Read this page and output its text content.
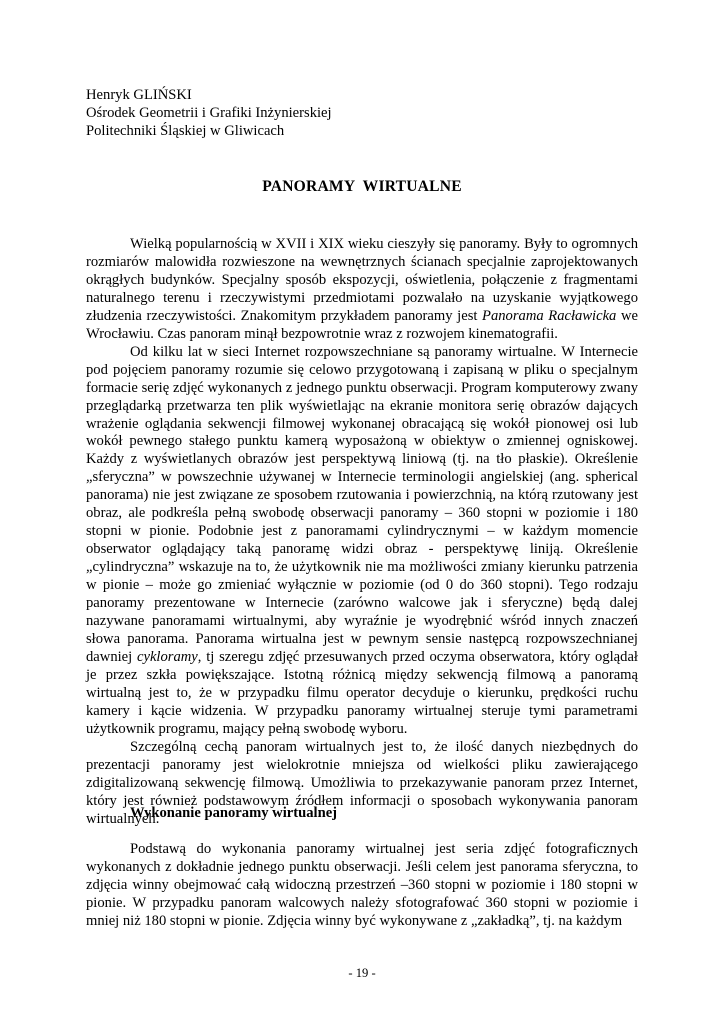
Henryk GLIŃSKI
Ośrodek Geometrii i Grafiki Inżynierskiej
Politechniki Śląskiej w Gliwicach
PANORAMY  WIRTUALNE

Wielką popularnością w XVII i XIX wieku cieszyły się panoramy. Były to ogromnych rozmiarów malowidła rozwieszone na wewnętrznych ścianach specjalnie zaprojektowanych okrągłych budynków. Specjalny sposób ekspozycji, oświetlenia, połączenie z fragmentami naturalnego terenu i rzeczywistymi przedmiotami pozwalało na uzyskanie wyjątkowego złudzenia rzeczywistości. Znakomitym przykładem panoramy jest Panorama Racławicka we Wrocławiu. Czas panoram minął bezpowrotnie wraz z rozwojem kinematografii.

Od kilku lat w sieci Internet rozpowszechniane są panoramy wirtualne. W Internecie pod pojęciem panoramy rozumie się celowo przygotowaną i zapisaną w pliku o specjalnym formacie serię zdjęć wykonanych z jednego punktu obserwacji. Program komputerowy zwany przeglądarką przetwarza ten plik wyświetlając na ekranie monitora serię obrazów dających wrażenie oglądania sekwencji filmowej wykonanej obracającą się wokół pionowej osi lub wokół pewnego stałego punktu kamerą wyposażoną w obiektyw o zmiennej ogniskowej. Każdy z wyświetlanych obrazów jest perspektywą liniową (tj. na tło płaskie). Określenie „sferyczna” w powszechnie używanej w Internecie terminologii angielskiej (ang. spherical panorama) nie jest związane ze sposobem rzutowania i powierzchnią, na którą rzutowany jest obraz, ale podkreśla pełną swobodę obserwacji panoramy – 360 stopni w poziomie i 180 stopni w pionie. Podobnie jest z panoramami cylindrycznymi – w każdym momencie obserwator oglądający taką panoramę widzi obraz - perspektywę liniją. Określenie „cylindryczna” wskazuje na to, że użytkownik nie ma możliwości zmiany kierunku patrzenia w pionie – może go zmieniać wyłącznie w poziomie (od 0 do 360 stopni). Tego rodzaju panoramy prezentowane w Internecie (zarówno walcowe jak i sferyczne) będą dalej nazywane panoramami wirtualnymi, aby wyraźnie je wyodrębnić wśród innych znaczeń słowa panorama. Panorama wirtualna jest w pewnym sensie następcą rozpowszechnianej dawniej cykloramy, tj szeregu zdjęć przesuwanych przed oczyma obserwatora, który oglądał je przez szkła powiększające. Istotną różnicą między sekwencją filmową a panoramą wirtualną jest to, że w przypadku filmu operator decyduje o kierunku, prędkości ruchu kamery i kącie widzenia. W przypadku panoramy wirtualnej steruje tymi parametrami użytkownik programu, mający pełną swobodę wyboru.

Szczególną cechą panoram wirtualnych jest to, że ilość danych niezbędnych do prezentacji panoramy jest wielokrotnie mniejsza od wielkości pliku zawierającego zdigitalizowaną sekwencję filmową. Umożliwia to przekazywanie panoram przez Internet, który jest również podstawowym źródłem informacji o sposobach wykonywania panoram wirtualnych.

Wykonanie panoramy wirtualnej

Podstawą do wykonania panoramy wirtualnej jest seria zdjęć fotograficznych wykonanych z dokładnie jednego punktu obserwacji. Jeśli celem jest panorama sferyczna, to zdjęcia winny obejmować całą widoczną przestrzeń –360 stopni w poziomie i 180 stopni w pionie. W przypadku panoram walcowych należy sfotografować 360 stopni w poziomie i mniej niż 180 stopni w pionie. Zdjęcia winny być wykonywane z „zakładką”, tj. na każdym

- 19 -
